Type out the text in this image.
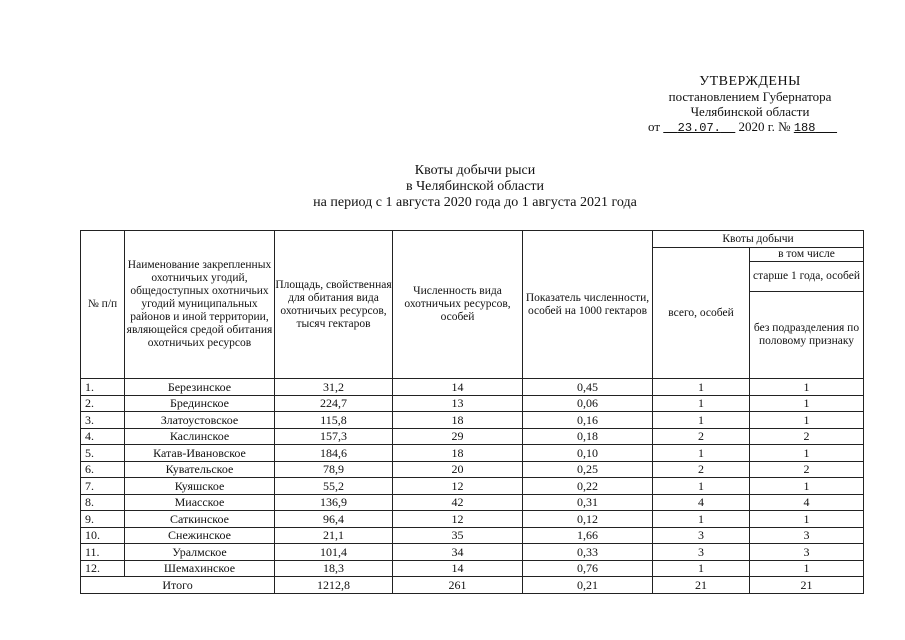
УТВЕРЖДЕНЫ
постановлением Губернатора
Челябинской области
от 23.07. 2020 г. № 188
Квоты добычи рыси
в Челябинской области
на период с 1 августа 2020 года до 1 августа 2021 года
№ п/п	Наименование закрепленных охотничьих угодий, общедоступных охотничьих угодий муниципальных районов и иной территории, являющейся средой обитания охотничьих ресурсов	Площадь, свойственная для обитания вида охотничьих ресурсов, тысяч гектаров	Численность вида охотничьих ресурсов, особей	Показатель численности, особей на 1000 гектаров	Квоты добычи	
					всего, особей	в том числе
						старше 1 года, особей
						без подразделения по половому признаку
1.	Березинское	31,2	14	0,45	1	1
2.	Брединское	224,7	13	0,06	1	1
3.	Златоустовское	115,8	18	0,16	1	1
4.	Каслинское	157,3	29	0,18	2	2
5.	Катав-Ивановское	184,6	18	0,10	1	1
6.	Кувательское	78,9	20	0,25	2	2
7.	Куяшское	55,2	12	0,22	1	1
8.	Миасское	136,9	42	0,31	4	4
9.	Саткинское	96,4	12	0,12	1	1
10.	Снежинское	21,1	35	1,66	3	3
11.	Уралмское	101,4	34	0,33	3	3
12.	Шемахинское	18,3	14	0,76	1	1
Итого		1212,8	261	0,21	21	21
